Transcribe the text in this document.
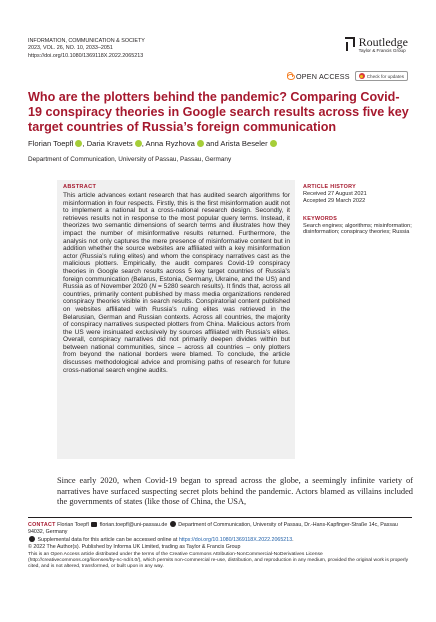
INFORMATION, COMMUNICATION & SOCIETY
2023, VOL. 26, NO. 10, 2033–2051
https://doi.org/10.1080/1369118X.2022.2065213
Routledge
Taylor & Francis Group
OPEN ACCESS	Check for updates
Who are the plotters behind the pandemic? Comparing Covid-19 conspiracy theories in Google search results across five key target countries of Russia’s foreign communication
Florian Toepfl , Daria Kravets , Anna Ryzhova and Arista Beseler
Department of Communication, University of Passau, Passau, Germany
ABSTRACT
This article advances extant research that has audited search algorithms for misinformation in four respects. Firstly, this is the first misinformation audit not to implement a national but a cross-national research design. Secondly, it retrieves results not in response to the most popular query terms. Instead, it theorizes two semantic dimensions of search terms and illustrates how they impact the number of misinformative results returned. Furthermore, the analysis not only captures the mere presence of misinformative content but in addition whether the source websites are affiliated with a key misinformation actor (Russia’s ruling elites) and whom the conspiracy narratives cast as the malicious plotters. Empirically, the audit compares Covid-19 conspiracy theories in Google search results across 5 key target countries of Russia’s foreign communication (Belarus, Estonia, Germany, Ukraine, and the US) and Russia as of November 2020 (N = 5280 search results). It finds that, across all countries, primarily content published by mass media organizations rendered conspiracy theories visible in search results. Conspiratorial content published on websites affiliated with Russia’s ruling elites was retrieved in the Belarusian, German and Russian contexts. Across all countries, the majority of conspiracy narratives suspected plotters from China. Malicious actors from the US were insinuated exclusively by sources affiliated with Russia’s elites. Overall, conspiracy narratives did not primarily deepen divides within but between national communities, since – across all countries – only plotters from beyond the national borders were blamed. To conclude, the article discusses methodological advice and promising paths of research for future cross-national search engine audits.
ARTICLE HISTORY
Received 27 August 2021
Accepted 29 March 2022
KEYWORDS
Search engines; algorithms; misinformation; disinformation; conspiracy theories; Russia
Since early 2020, when Covid-19 began to spread across the globe, a seemingly infinite variety of narratives have surfaced suspecting secret plots behind the pandemic. Actors blamed as villains included the governments of states (like those of China, the USA,
CONTACT Florian Toepfl florian.toepfl@uni-passau.de Department of Communication, University of Passau, Dr.-Hans-Kapfinger-Straße 14c, Passau 94032, Germany
Supplemental data for this article can be accessed online at https://doi.org/10.1080/1369118X.2022.2065213.
© 2022 The Author(s). Published by Informa UK Limited, trading as Taylor & Francis Group
This is an Open Access article distributed under the terms of the Creative Commons Attribution-NonCommercial-NoDerivatives License (http://creativecommons.org/licenses/by-nc-nd/4.0/), which permits non-commercial re-use, distribution, and reproduction in any medium, provided the original work is properly cited, and is not altered, transformed, or built upon in any way.
